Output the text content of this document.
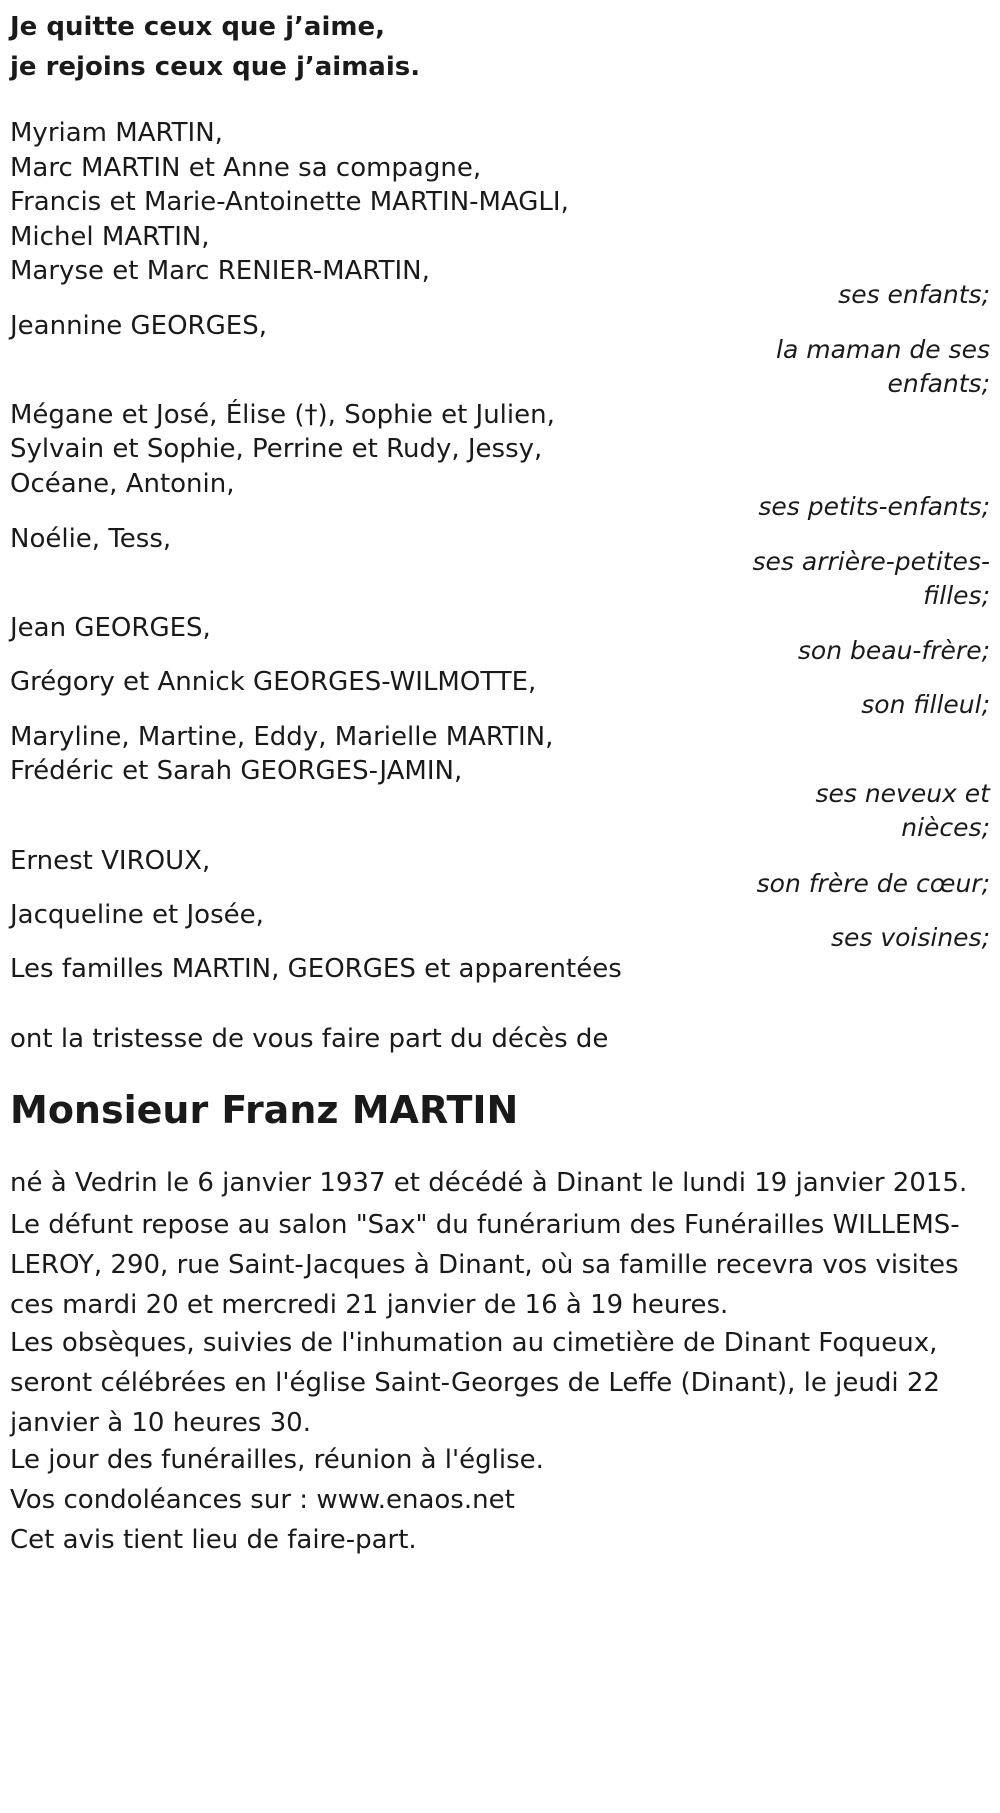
Je quitte ceux que j’aime,
je rejoins ceux que j’aimais.
Myriam MARTIN,
Marc MARTIN et Anne sa compagne,
Francis et Marie-Antoinette MARTIN-MAGLI,
Michel MARTIN,
Maryse et Marc RENIER-MARTIN,
ses enfants;
Jeannine GEORGES,
la maman de ses
enfants;
Mégane et José, Élise (†), Sophie et Julien,
Sylvain et Sophie, Perrine et Rudy, Jessy,
Océane, Antonin,
ses petits-enfants;
Noélie, Tess,
ses arrière-petites-
filles;
Jean GEORGES,
son beau-frère;
Grégory et Annick GEORGES-WILMOTTE,
son filleul;
Maryline, Martine, Eddy, Marielle MARTIN,
Frédéric et Sarah GEORGES-JAMIN,
ses neveux et
nièces;
Ernest VIROUX,
son frère de cœur;
Jacqueline et Josée,
ses voisines;
Les familles MARTIN, GEORGES et apparentées
ont la tristesse de vous faire part du décès de
Monsieur Franz MARTIN
né à Vedrin le 6 janvier 1937 et décédé à Dinant le lundi 19 janvier 2015.
Le défunt repose au salon "Sax" du funérarium des Funérailles WILLEMS-LEROY, 290, rue Saint-Jacques à Dinant, où sa famille recevra vos visites ces mardi 20 et mercredi 21 janvier de 16 à 19 heures.
Les obsèques, suivies de l'inhumation au cimetière de Dinant Foqueux, seront célébrées en l'église Saint-Georges de Leffe (Dinant), le jeudi 22 janvier à 10 heures 30.
Le jour des funérailles, réunion à l'église.
Vos condoléances sur : www.enaos.net
Cet avis tient lieu de faire-part.
